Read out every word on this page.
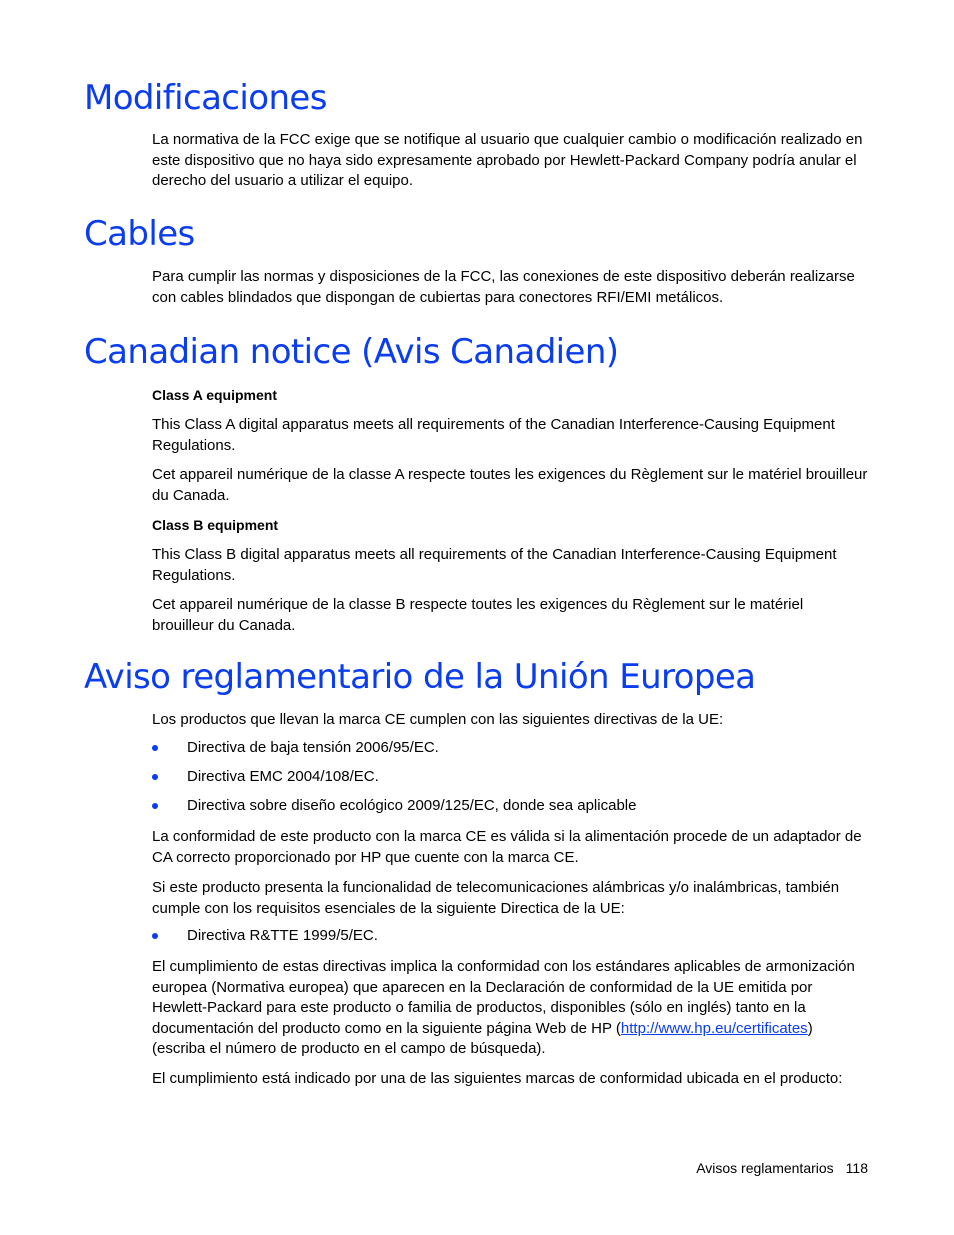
Modificaciones

La normativa de la FCC exige que se notifique al usuario que cualquier cambio o modificación realizado en este dispositivo que no haya sido expresamente aprobado por Hewlett-Packard Company podría anular el derecho del usuario a utilizar el equipo.

Cables

Para cumplir las normas y disposiciones de la FCC, las conexiones de este dispositivo deberán realizarse con cables blindados que dispongan de cubiertas para conectores RFI/EMI metálicos.

Canadian notice (Avis Canadien)

Class A equipment

This Class A digital apparatus meets all requirements of the Canadian Interference-Causing Equipment Regulations.

Cet appareil numérique de la classe A respecte toutes les exigences du Règlement sur le matériel brouilleur du Canada.

Class B equipment

This Class B digital apparatus meets all requirements of the Canadian Interference-Causing Equipment Regulations.

Cet appareil numérique de la classe B respecte toutes les exigences du Règlement sur le matériel brouilleur du Canada.

Aviso reglamentario de la Unión Europea

Los productos que llevan la marca CE cumplen con las siguientes directivas de la UE:

Directiva de baja tensión 2006/95/EC.
Directiva EMC 2004/108/EC.
Directiva sobre diseño ecológico 2009/125/EC, donde sea aplicable

La conformidad de este producto con la marca CE es válida si la alimentación procede de un adaptador de CA correcto proporcionado por HP que cuente con la marca CE.

Si este producto presenta la funcionalidad de telecomunicaciones alámbricas y/o inalámbricas, también cumple con los requisitos esenciales de la siguiente Directica de la UE:

Directiva R&TTE 1999/5/EC.

El cumplimiento de estas directivas implica la conformidad con los estándares aplicables de armonización europea (Normativa europea) que aparecen en la Declaración de conformidad de la UE emitida por Hewlett-Packard para este producto o familia de productos, disponibles (sólo en inglés) tanto en la documentación del producto como en la siguiente página Web de HP (http://www.hp.eu/certificates) (escriba el número de producto en el campo de búsqueda).

El cumplimiento está indicado por una de las siguientes marcas de conformidad ubicada en el producto:

Avisos reglamentarios 118
